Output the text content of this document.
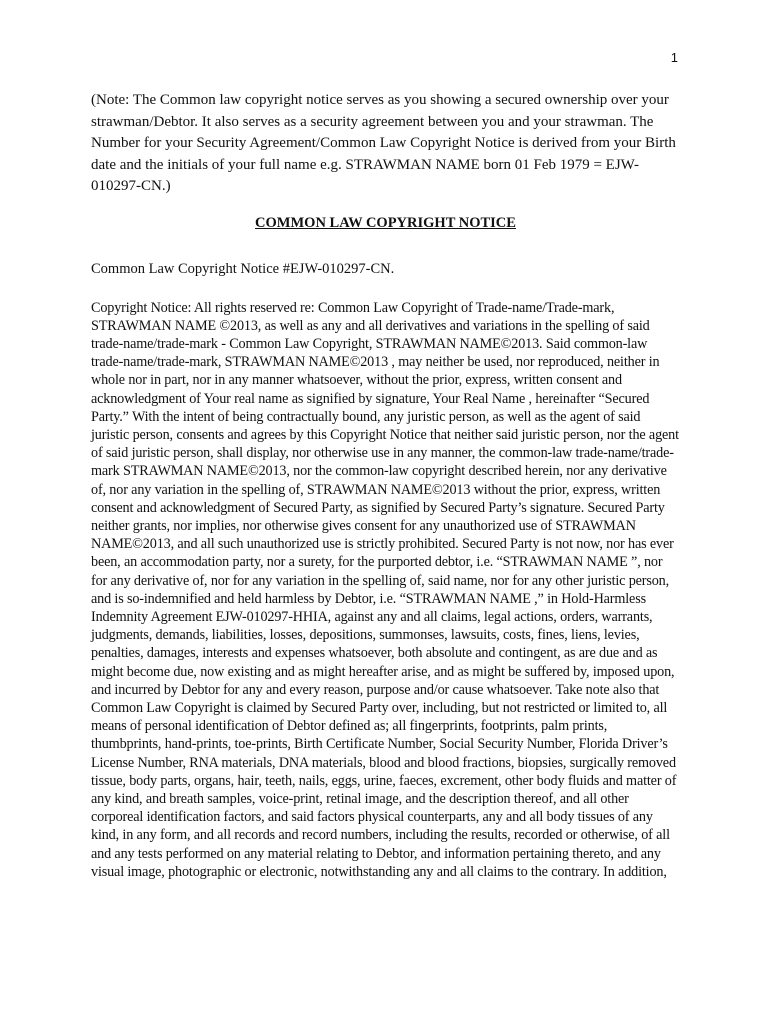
1

(Note: The Common law copyright notice serves as you showing a secured ownership over your strawman/Debtor. It also serves as a security agreement between you and your strawman. The Number for your Security Agreement/Common Law Copyright Notice is derived from your Birth date and the initials of your full name e.g. STRAWMAN NAME born 01 Feb 1979 = EJW-010297-CN.)

COMMON LAW COPYRIGHT NOTICE

Common Law Copyright Notice #EJW-010297-CN.

Copyright Notice: All rights reserved re: Common Law Copyright of Trade-name/Trade-mark, STRAWMAN NAME ©2013, as well as any and all derivatives and variations in the spelling of said trade-name/trade-mark - Common Law Copyright, STRAWMAN NAME©2013. Said common-law trade-name/trade-mark, STRAWMAN NAME©2013 , may neither be used, nor reproduced, neither in whole nor in part, nor in any manner whatsoever, without the prior, express, written consent and acknowledgment of Your real name as signified by signature, Your Real Name , hereinafter “Secured Party.” With the intent of being contractually bound, any juristic person, as well as the agent of said juristic person, consents and agrees by this Copyright Notice that neither said juristic person, nor the agent of said juristic person, shall display, nor otherwise use in any manner, the common-law trade-name/trade-mark STRAWMAN NAME©2013, nor the common-law copyright described herein, nor any derivative of, nor any variation in the spelling of, STRAWMAN NAME©2013 without the prior, express, written consent and acknowledgment of Secured Party, as signified by Secured Party’s signature. Secured Party neither grants, nor implies, nor otherwise gives consent for any unauthorized use of STRAWMAN NAME©2013, and all such unauthorized use is strictly prohibited. Secured Party is not now, nor has ever been, an accommodation party, nor a surety, for the purported debtor, i.e. “STRAWMAN NAME ”, nor for any derivative of, nor for any variation in the spelling of, said name, nor for any other juristic person, and is so-indemnified and held harmless by Debtor, i.e. “STRAWMAN NAME ,” in Hold-Harmless Indemnity Agreement EJW-010297-HHIA, against any and all claims, legal actions, orders, warrants, judgments, demands, liabilities, losses, depositions, summonses, lawsuits, costs, fines, liens, levies, penalties, damages, interests and expenses whatsoever, both absolute and contingent, as are due and as might become due, now existing and as might hereafter arise, and as might be suffered by, imposed upon, and incurred by Debtor for any and every reason, purpose and/or cause whatsoever. Take note also that Common Law Copyright is claimed by Secured Party over, including, but not restricted or limited to, all means of personal identification of Debtor defined as; all fingerprints, footprints, palm prints, thumbprints, hand-prints, toe-prints, Birth Certificate Number, Social Security Number, Florida Driver’s License Number, RNA materials, DNA materials, blood and blood fractions, biopsies, surgically removed tissue, body parts, organs, hair, teeth, nails, eggs, urine, faeces, excrement, other body fluids and matter of any kind, and breath samples, voice-print, retinal image, and the description thereof, and all other corporeal identification factors, and said factors physical counterparts, any and all body tissues of any kind, in any form, and all records and record numbers, including the results, recorded or otherwise, of all and any tests performed on any material relating to Debtor, and information pertaining thereto, and any visual image, photographic or electronic, notwithstanding any and all claims to the contrary. In addition,
